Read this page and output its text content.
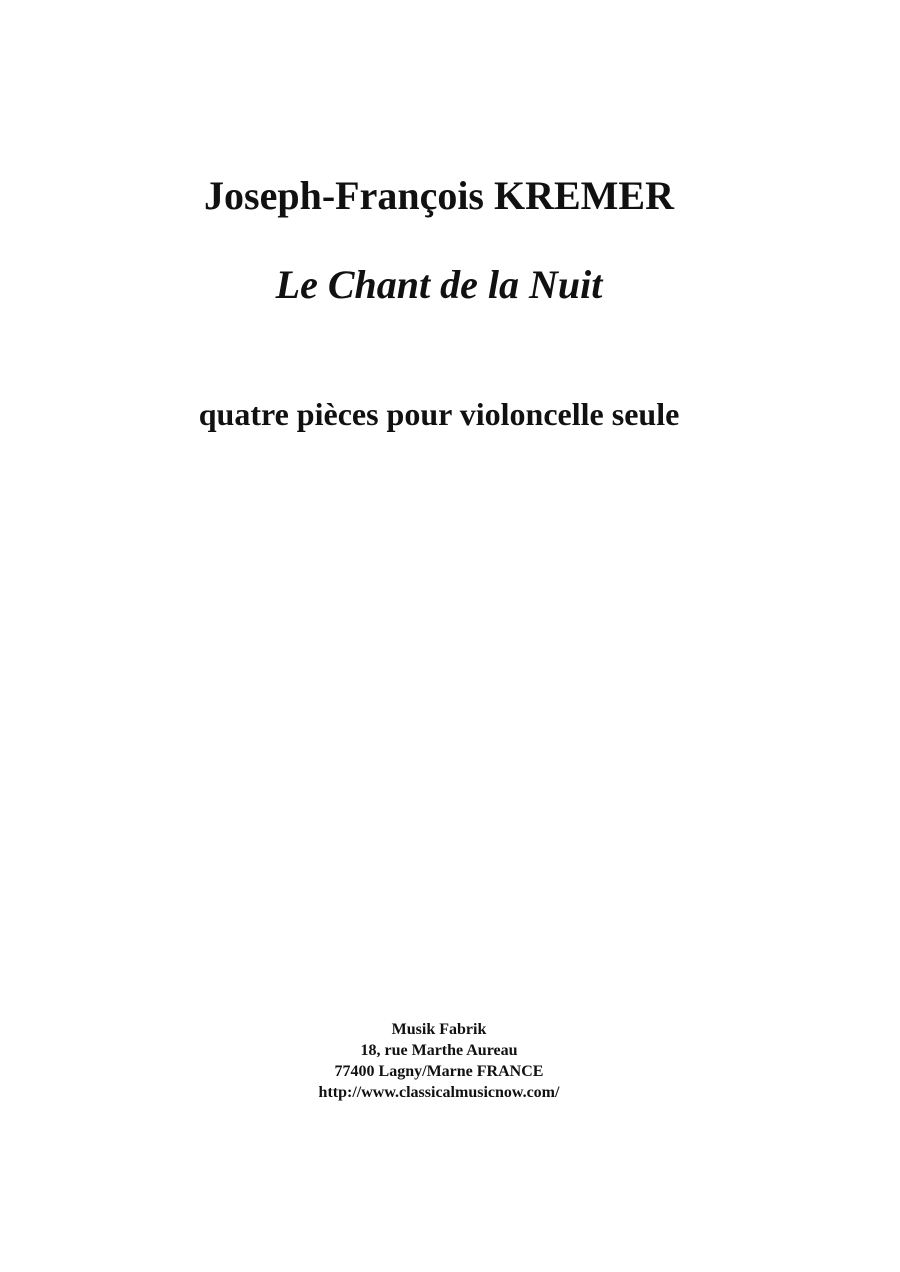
Joseph-François KREMER
Le Chant de la Nuit
quatre pièces pour violoncelle seule
Musik Fabrik
18, rue Marthe Aureau
77400 Lagny/Marne FRANCE
http://www.classicalmusicnow.com/
